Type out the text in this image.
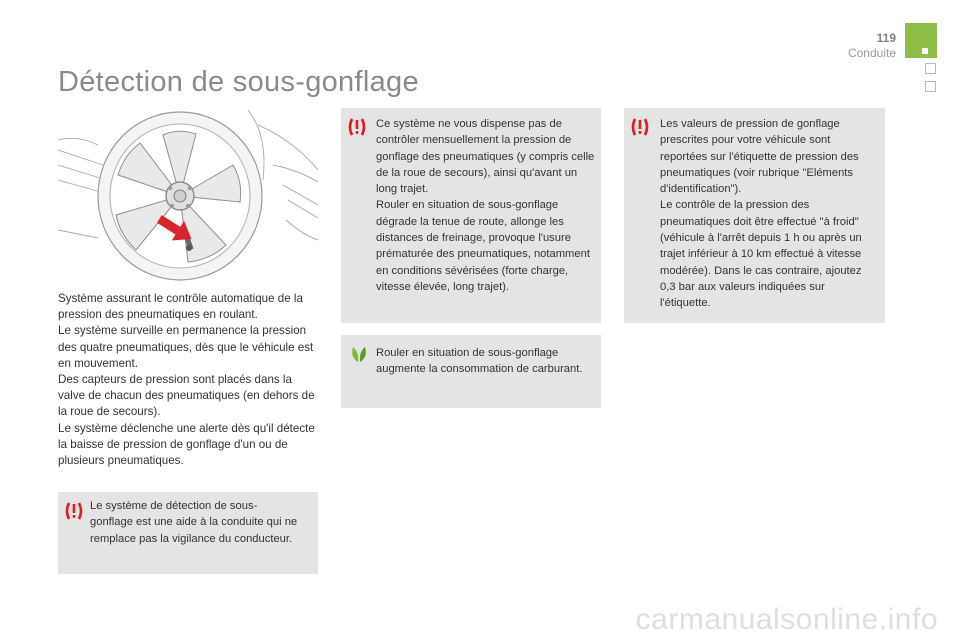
119
Conduite
Détection de sous-gonflage

Système assurant le contrôle automatique de la pression des pneumatiques en roulant.

Le système surveille en permanence la pression des quatre pneumatiques, dès que le véhicule est en mouvement.

Des capteurs de pression sont placés dans la valve de chacun des pneumatiques (en dehors de la roue de secours).

Le système déclenche une alerte dès qu'il détecte la baisse de pression de gonflage d'un ou de plusieurs pneumatiques.

Le système de détection de sous-gonflage est une aide à la conduite qui ne remplace pas la vigilance du conducteur.

Ce système ne vous dispense pas de contrôler mensuellement la pression de gonflage des pneumatiques (y compris celle de la roue de secours), ainsi qu'avant un long trajet.

Rouler en situation de sous-gonflage dégrade la tenue de route, allonge les distances de freinage, provoque l'usure prématurée des pneumatiques, notamment en conditions sévérisées (forte charge, vitesse élevée, long trajet).

Rouler en situation de sous-gonflage augmente la consommation de carburant.

Les valeurs de pression de gonflage prescrites pour votre véhicule sont reportées sur l'étiquette de pression des pneumatiques (voir rubrique "Eléments d'identification").

Le contrôle de la pression des pneumatiques doit être effectué "à froid" (véhicule à l'arrêt depuis 1 h ou après un trajet inférieur à 10 km effectué à vitesse modérée). Dans le cas contraire, ajoutez 0,3 bar aux valeurs indiquées sur l'étiquette.

carmanualsonline.info
